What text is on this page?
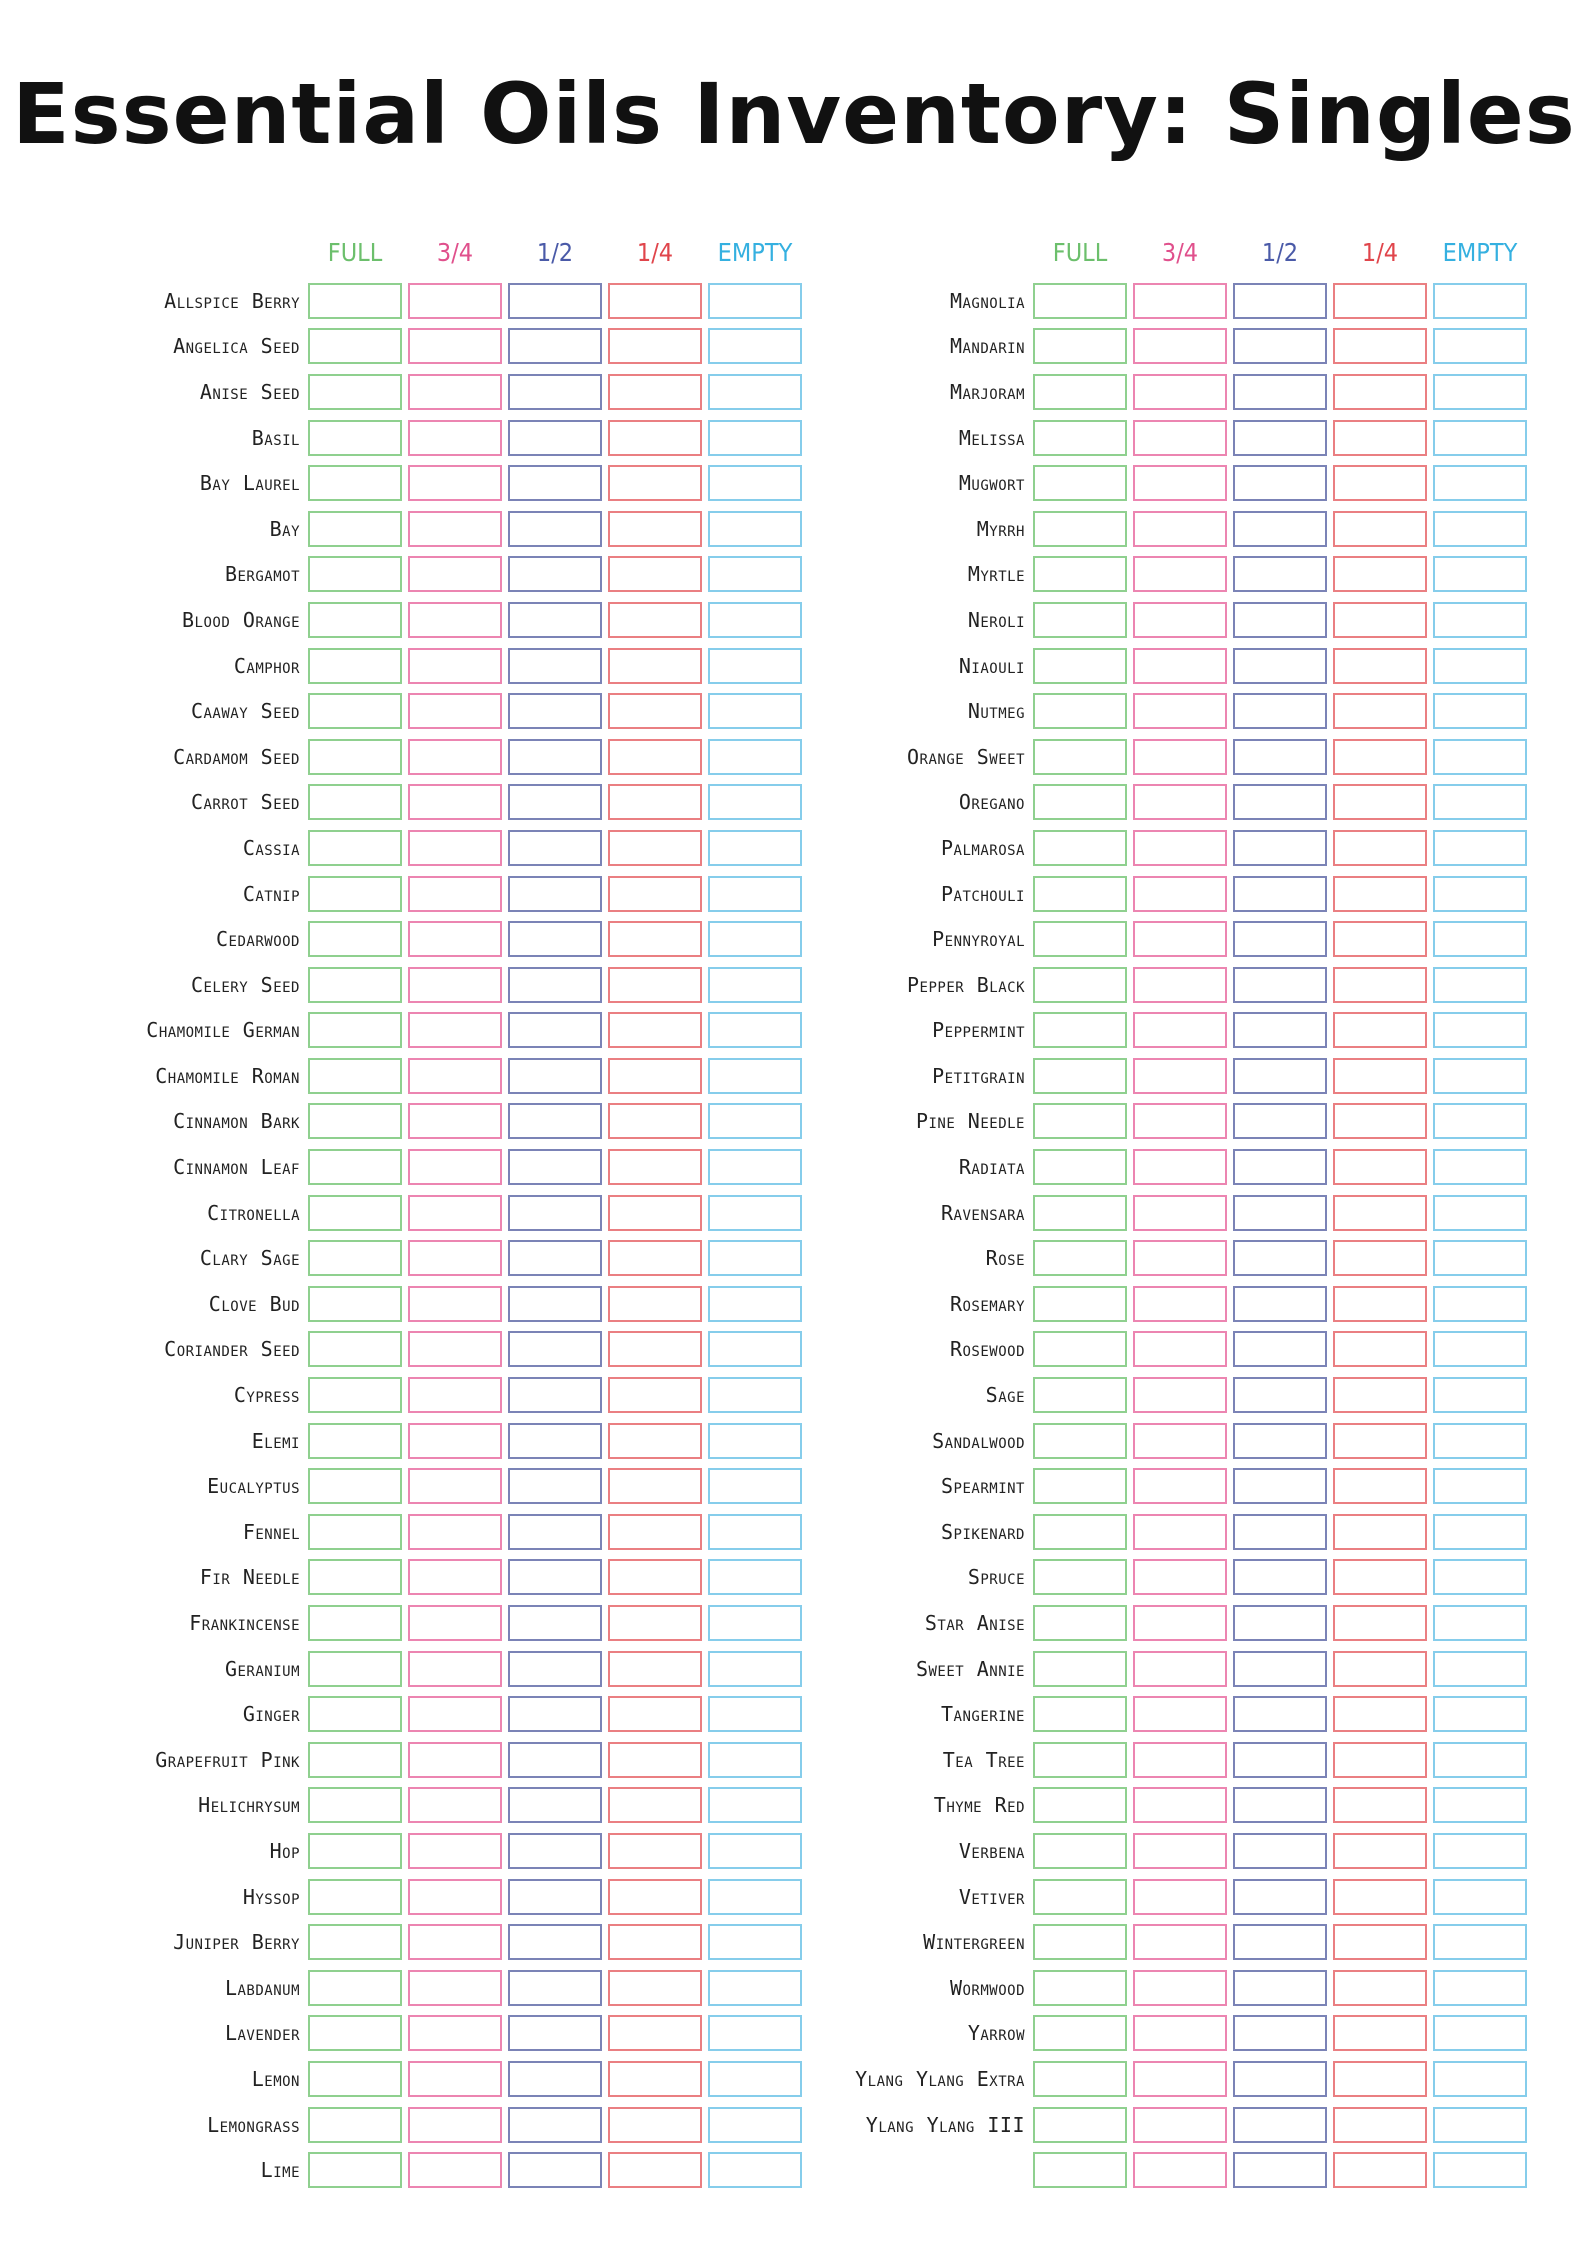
Essential Oils Inventory: Singles
FULL	3/4	1/2	1/4	EMPTY
Allspice Berry
Angelica Seed
Anise Seed
Basil
Bay Laurel
Bay
Bergamot
Blood Orange
Camphor
Caaway Seed
Cardamom Seed
Carrot Seed
Cassia
Catnip
Cedarwood
Celery Seed
Chamomile German
Chamomile Roman
Cinnamon Bark
Cinnamon Leaf
Citronella
Clary Sage
Clove Bud
Coriander Seed
Cypress
Elemi
Eucalyptus
Fennel
Fir Needle
Frankincense
Geranium
Ginger
Grapefruit Pink
Helichrysum
Hop
Hyssop
Juniper Berry
Labdanum
Lavender
Lemon
Lemongrass
Lime
FULL	3/4	1/2	1/4	EMPTY
Magnolia
Mandarin
Marjoram
Melissa
Mugwort
Myrrh
Myrtle
Neroli
Niaouli
Nutmeg
Orange Sweet
Oregano
Palmarosa
Patchouli
Pennyroyal
Pepper Black
Peppermint
Petitgrain
Pine Needle
Radiata
Ravensara
Rose
Rosemary
Rosewood
Sage
Sandalwood
Spearmint
Spikenard
Spruce
Star Anise
Sweet Annie
Tangerine
Tea Tree
Thyme Red
Verbena
Vetiver
Wintergreen
Wormwood
Yarrow
Ylang Ylang Extra
Ylang Ylang III
